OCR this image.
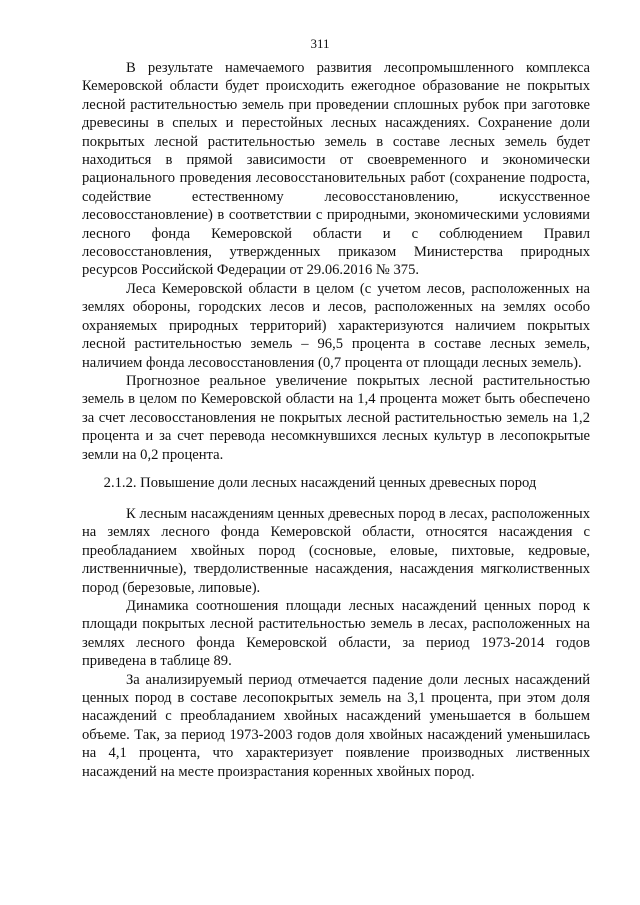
311

В результате намечаемого развития лесопромышленного комплекса Кемеровской области будет происходить ежегодное образование не покрытых лесной растительностью земель при проведении сплошных рубок при заготовке древесины в спелых и перестойных лесных насаждениях. Сохранение доли покрытых лесной растительностью земель в составе лесных земель будет находиться в прямой зависимости от своевременного и экономически рационального проведения лесовосстановительных работ (сохранение подроста, содействие естественному лесовосстановлению, искусственное лесовосстановление) в соответствии с природными, экономическими условиями лесного фонда Кемеровской области и с соблюдением Правил лесовосстановления, утвержденных приказом Министерства природных ресурсов Российской Федерации от 29.06.2016 № 375.

Леса Кемеровской области в целом (с учетом лесов, расположенных на землях обороны, городских лесов и лесов, расположенных на землях особо охраняемых природных территорий) характеризуются наличием покрытых лесной растительностью земель – 96,5 процента в составе лесных земель, наличием фонда лесовосстановления (0,7 процента от площади лесных земель).

Прогнозное реальное увеличение покрытых лесной растительностью земель в целом по Кемеровской области на 1,4 процента может быть обеспечено за счет лесовосстановления не покрытых лесной растительностью земель на 1,2 процента и за счет перевода несомкнувшихся лесных культур в лесопокрытые земли на 0,2 процента.

2.1.2. Повышение доли лесных насаждений ценных древесных пород

К лесным насаждениям ценных древесных пород в лесах, расположенных на землях лесного фонда Кемеровской области, относятся насаждения с преобладанием хвойных пород (сосновые, еловые, пихтовые, кедровые, лиственничные), твердолиственные насаждения, насаждения мягколиственных пород (березовые, липовые).

Динамика соотношения площади лесных насаждений ценных пород к площади покрытых лесной растительностью земель в лесах, расположенных на землях лесного фонда Кемеровской области, за период 1973-2014 годов приведена в таблице 89.

За анализируемый период отмечается падение доли лесных насаждений ценных пород в составе лесопокрытых земель на 3,1 процента, при этом доля насаждений с преобладанием хвойных насаждений уменьшается в большем объеме. Так, за период 1973-2003 годов доля хвойных насаждений уменьшилась на 4,1 процента, что характеризует появление производных лиственных насаждений на месте произрастания коренных хвойных пород.
